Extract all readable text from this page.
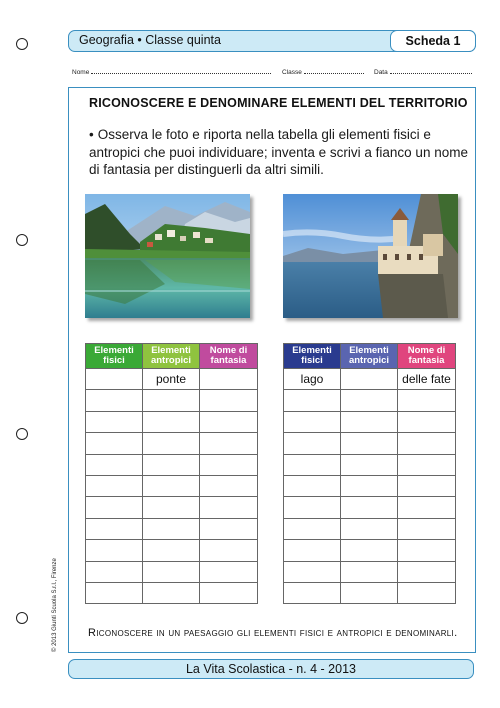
Geografia • Classe quinta	Scheda 1
Nome	Classe	Data
RICONOSCERE E DENOMINARE ELEMENTI DEL TERRITORIO
• Osserva le foto e riporta nella tabella gli elementi fisici e antropici che puoi individuare; inventa e scrivi a fianco un nome di fantasia per distinguerli da altri simili.
Elementi fisici	Elementi antropici	Nome di fantasia
	ponte	

Elementi fisici	Elementi antropici	Nome di fantasia
lago		delle fate

Riconoscere in un paesaggio gli elementi fisici e antropici e denominarli.
© 2013 Giunti Scuola S.r.l., Firenze
La Vita Scolastica - n. 4 - 2013
